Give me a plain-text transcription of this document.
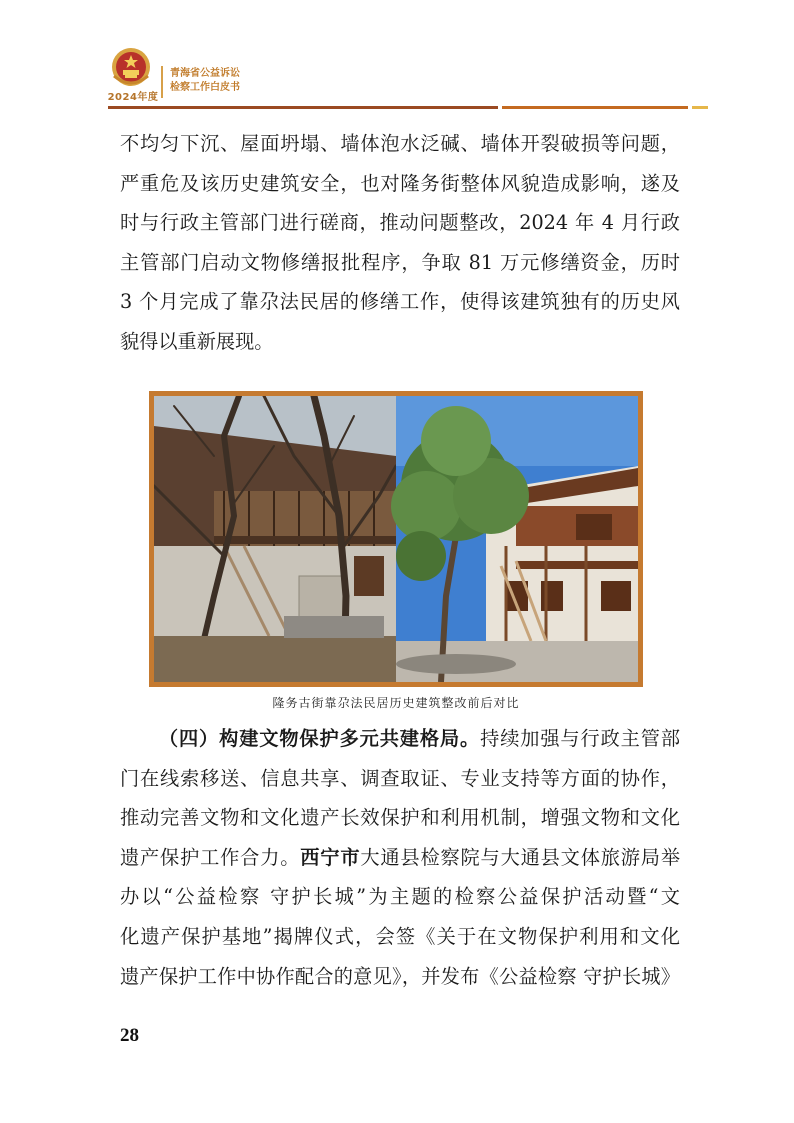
2024年度
青海省公益诉讼
检察工作白皮书

不均匀下沉、屋面坍塌、墙体泡水泛碱、墙体开裂破损等问题，
严重危及该历史建筑安全，也对隆务街整体风貌造成影响，遂及
时与行政主管部门进行磋商，推动问题整改，2024 年 4 月行政
主管部门启动文物修缮报批程序，争取 81 万元修缮资金，历时
3 个月完成了靠尕法民居的修缮工作，使得该建筑独有的历史风

貌得以重新展现。

隆务古街靠尕法民居历史建筑整改前后对比

（四）构建文物保护多元共建格局。持续加强与行政主管部
门在线索移送、信息共享、调查取证、专业支持等方面的协作，
推动完善文物和文化遗产长效保护和利用机制，增强文物和文化
遗产保护工作合力。西宁市大通县检察院与大通县文体旅游局举
办以“公益检察 守护长城”为主题的检察公益保护活动暨“文
化遗产保护基地”揭牌仪式，会签《关于在文物保护利用和文化
遗产保护工作中协作配合的意见》，并发布《公益检察 守护长城》

28
